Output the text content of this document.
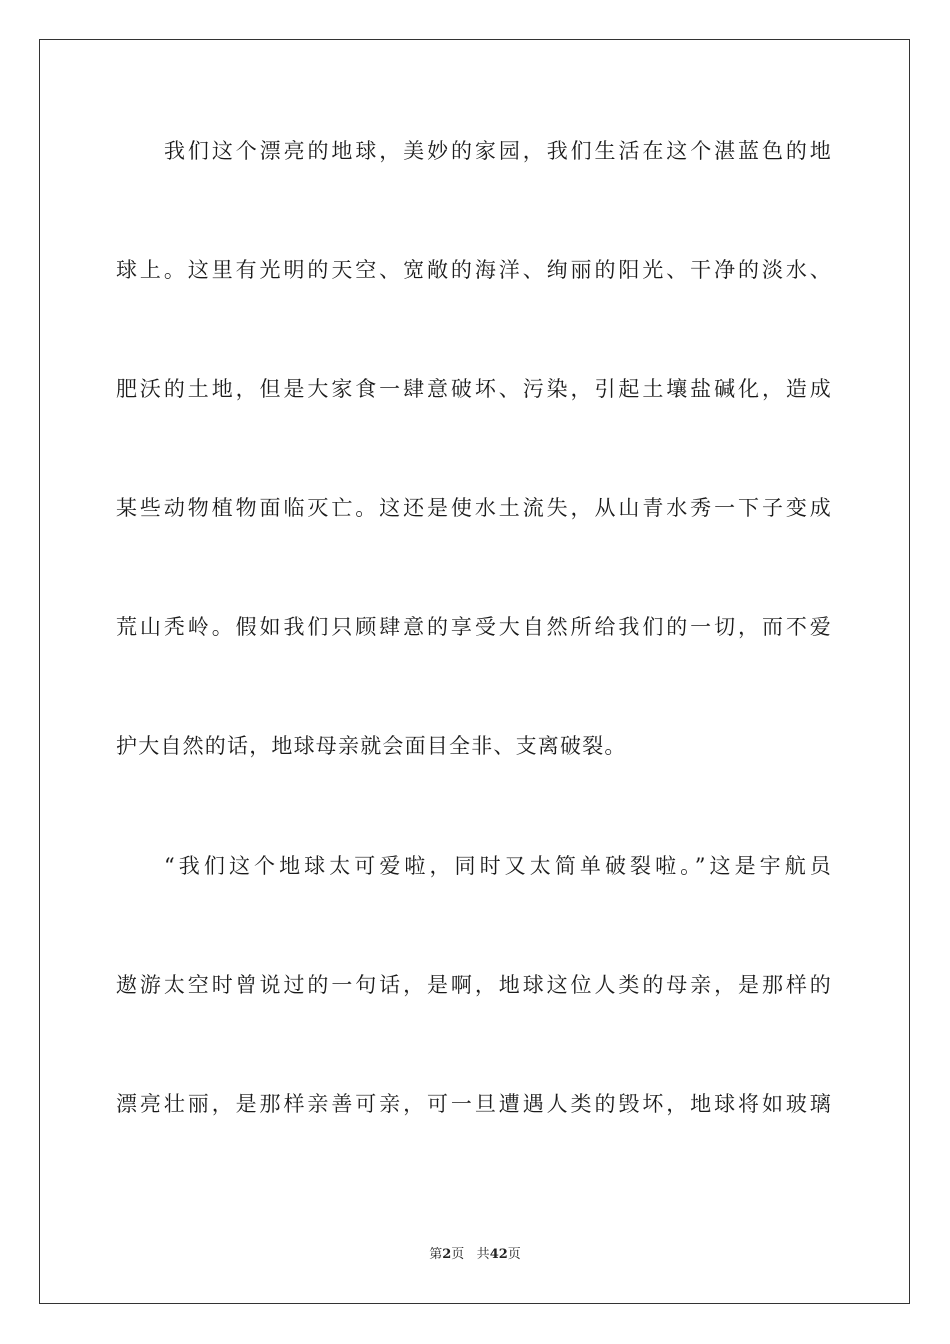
我们这个漂亮的地球，美妙的家园，我们生活在这个湛蓝色的地
球上。这里有光明的天空、宽敞的海洋、绚丽的阳光、干净的淡水、
肥沃的土地，但是大家食一肆意破坏、污染，引起土壤盐碱化，造成
某些动物植物面临灭亡。这还是使水土流失，从山青水秀一下子变成
荒山秃岭。假如我们只顾肆意的享受大自然所给我们的一切，而不爱
护大自然的话，地球母亲就会面目全非、支离破裂。
“我们这个地球太可爱啦，同时又太简单破裂啦。”这是宇航员
遨游太空时曾说过的一句话，是啊，地球这位人类的母亲，是那样的
漂亮壮丽，是那样亲善可亲，可一旦遭遇人类的毁坏，地球将如玻璃
第2页 共42页
